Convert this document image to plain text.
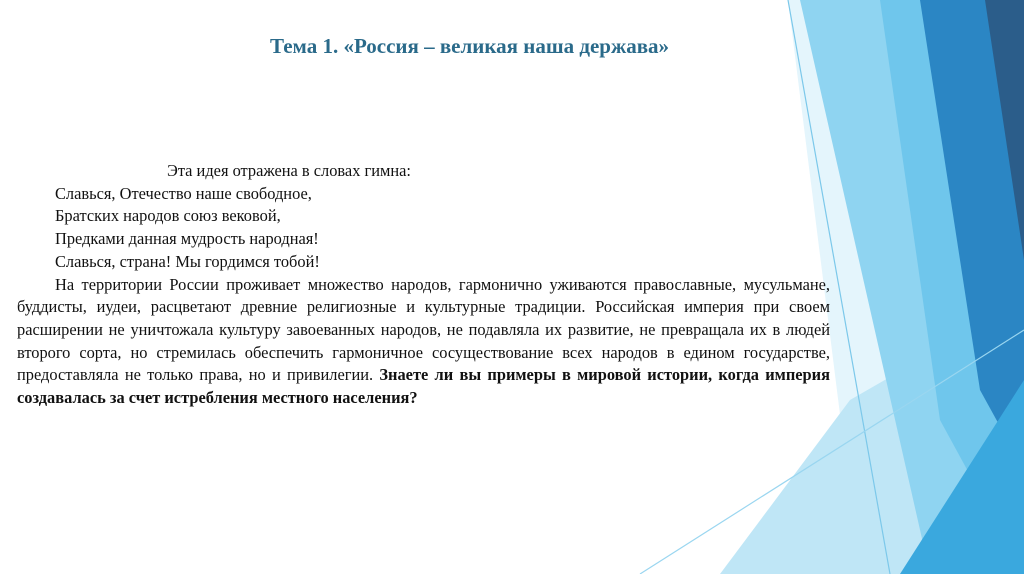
Тема 1. «Россия – великая наша держава»
Эта идея отражена в словах гимна:
Славься, Отечество наше свободное,
Братских народов союз вековой,
Предками данная мудрость народная!
Славься, страна! Мы гордимся тобой!
На территории России проживает множество народов, гармонично уживаются православные, мусульмане, буддисты, иудеи, расцветают древние религиозные и культурные традиции. Российская империя при своем расширении не уничтожала культуру завоеванных народов, не подавляла их развитие, не превращала их в людей второго сорта, но стремилась обеспечить гармоничное сосуществование всех народов в едином государстве, предоставляла не только права, но и привилегии. Знаете ли вы примеры в мировой истории, когда империя создавалась за счет истребления местного населения?
